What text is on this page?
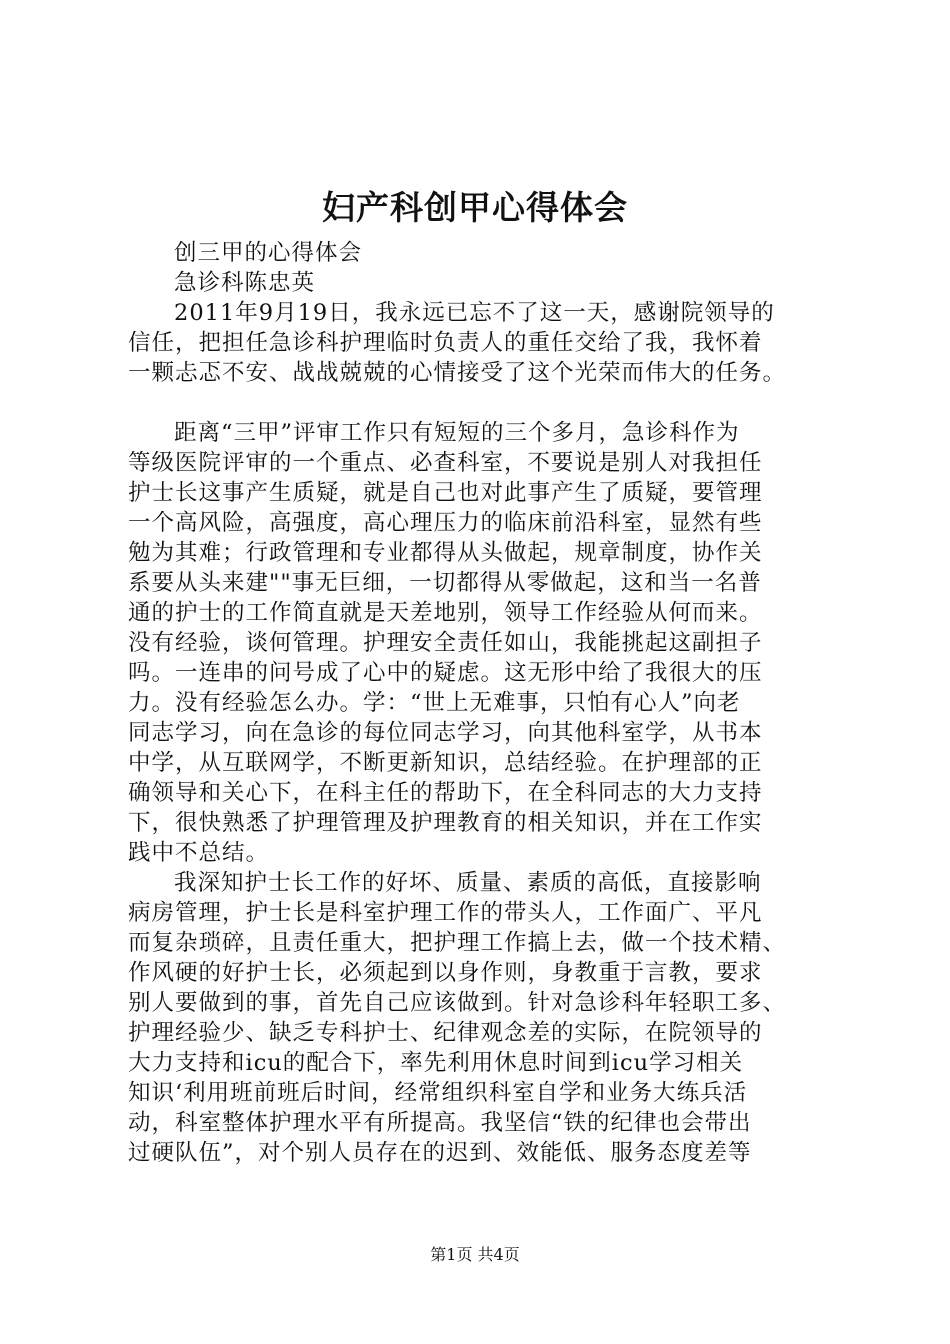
妇产科创甲心得体会
创三甲的心得体会
急诊科陈忠英
2011年9月19日，我永远已忘不了这一天，感谢院领导的
信任，把担任急诊科护理临时负责人的重任交给了我，我怀着
一颗忐忑不安、战战兢兢的心情接受了这个光荣而伟大的任务。
距离“三甲”评审工作只有短短的三个多月，急诊科作为
等级医院评审的一个重点、必查科室，不要说是别人对我担任
护士长这事产生质疑，就是自己也对此事产生了质疑，要管理
一个高风险，高强度，高心理压力的临床前沿科室，显然有些
勉为其难；行政管理和专业都得从头做起，规章制度，协作关
系要从头来建""事无巨细，一切都得从零做起，这和当一名普
通的护士的工作简直就是天差地别，领导工作经验从何而来。
没有经验，谈何管理。护理安全责任如山，我能挑起这副担子
吗。一连串的问号成了心中的疑虑。这无形中给了我很大的压
力。没有经验怎么办。学：“世上无难事，只怕有心人”向老
同志学习，向在急诊的每位同志学习，向其他科室学，从书本
中学，从互联网学，不断更新知识，总结经验。在护理部的正
确领导和关心下，在科主任的帮助下，在全科同志的大力支持
下，很快熟悉了护理管理及护理教育的相关知识，并在工作实
践中不总结。
我深知护士长工作的好坏、质量、素质的高低，直接影响
病房管理，护士长是科室护理工作的带头人，工作面广、平凡
而复杂琐碎，且责任重大，把护理工作搞上去，做一个技术精、
作风硬的好护士长，必须起到以身作则，身教重于言教，要求
别人要做到的事，首先自己应该做到。针对急诊科年轻职工多、
护理经验少、缺乏专科护士、纪律观念差的实际，在院领导的
大力支持和icu的配合下，率先利用休息时间到icu学习相关
知识‘利用班前班后时间，经常组织科室自学和业务大练兵活
动，科室整体护理水平有所提高。我坚信“铁的纪律也会带出
过硬队伍”，对个别人员存在的迟到、效能低、服务态度差等
第1页 共4页
